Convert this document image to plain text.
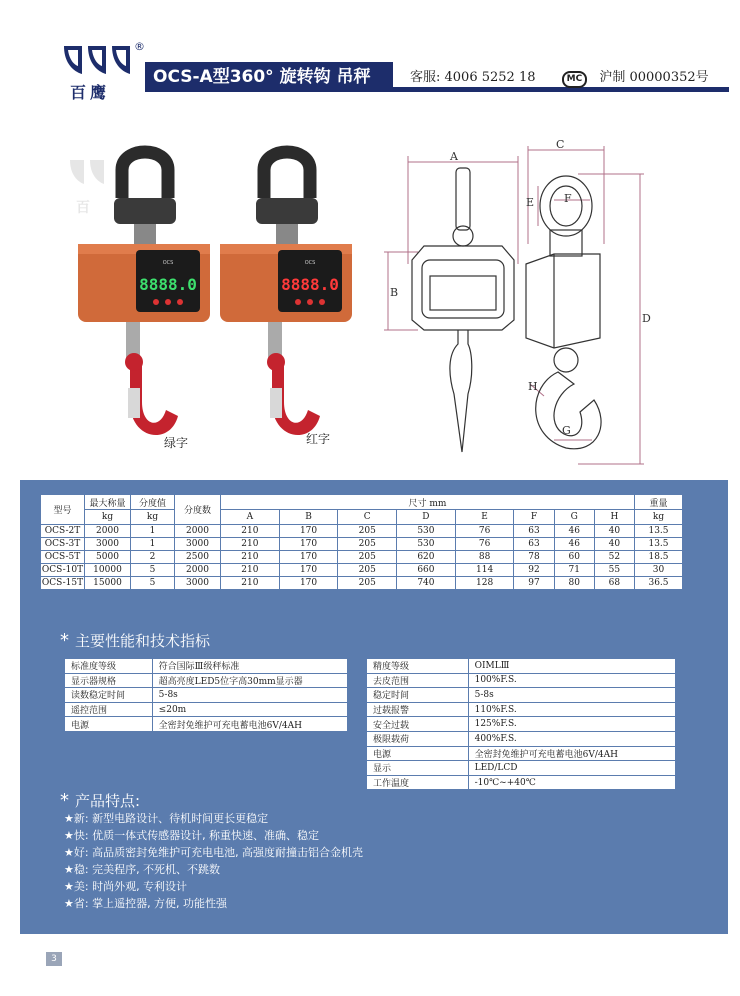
®
百鹰
OCS-A型360° 旋转钩 吊秤	客服: 4006 5252 18	MC 沪制 00000352号
百
OCS
8888.0
绿字
OCS
8888.0
红字
A
B
C
D
E	F
G
H
型号	最大称量	分度值	分度数	尺寸 mm								重量
	kg	kg		A	B	C	D	E	F	G	H	kg
OCS-2T	2000	1	2000	210	170	205	530	76	63	46	40	13.5
OCS-3T	3000	1	3000	210	170	205	530	76	63	46	40	13.5
OCS-5T	5000	2	2500	210	170	205	620	88	78	60	52	18.5
OCS-10T	10000	5	2000	210	170	205	660	114	92	71	55	30
OCS-15T	15000	5	3000	210	170	205	740	128	97	80	68	36.5
* 主要性能和技术指标
标准度等级	符合国际Ⅲ级秤标准
显示器规格	超高亮度LED5位字高30mm显示器
读数稳定时间	5-8s
遥控范围	≤20m
电源	全密封免维护可充电蓄电池6V/4AH
精度等级	OIMLⅢ
去皮范围	100%F.S.
稳定时间	5-8s
过载报警	110%F.S.
安全过载	125%F.S.
极限载荷	400%F.S.
电源	全密封免维护可充电蓄电池6V/4AH
显示	LED/LCD
工作温度	-10℃~+40℃
* 产品特点:
★新: 新型电路设计、待机时间更长更稳定
★快: 优质一体式传感器设计, 称重快速、准确、稳定
★好: 高品质密封免维护可充电电池, 高强度耐撞击铝合金机壳
★稳: 完美程序, 不死机、不跳数
★美: 时尚外观, 专利设计
★省: 掌上遥控器, 方便, 功能性强
3
